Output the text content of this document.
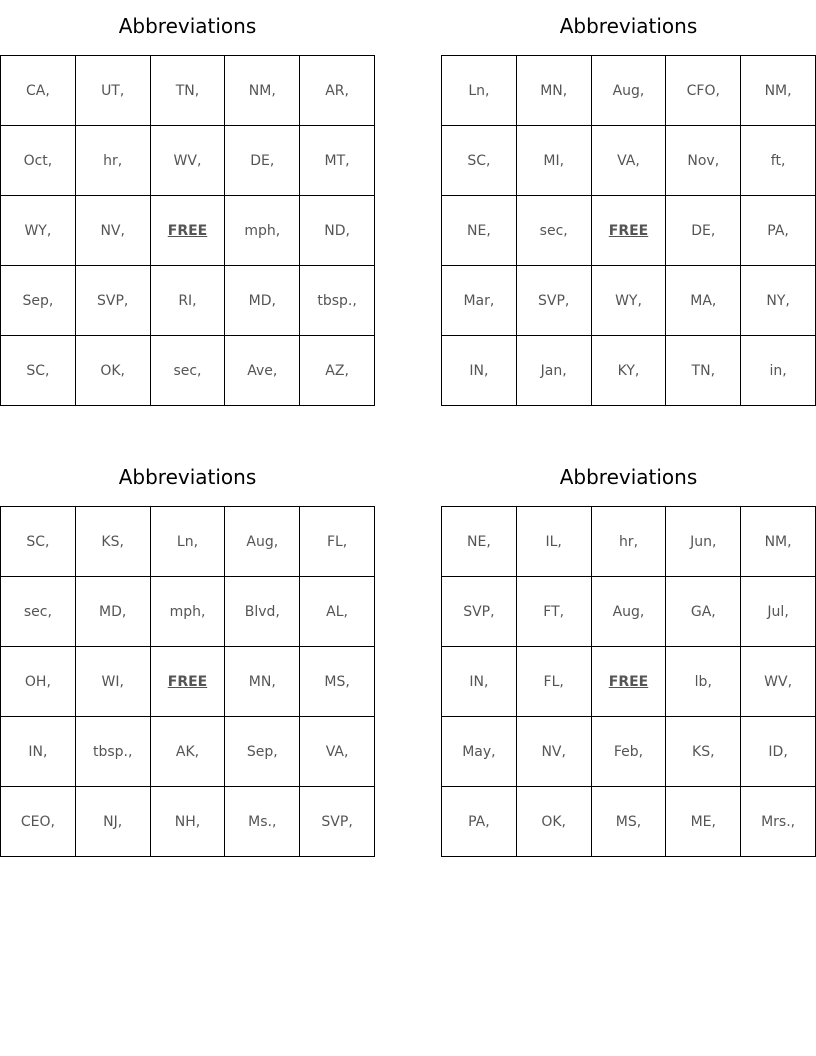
Abbreviations
CA,	UT,	TN,	NM,	AR,
Oct,	hr,	WV,	DE,	MT,
WY,	NV,	FREE	mph,	ND,
Sep,	SVP,	RI,	MD,	tbsp.,
SC,	OK,	sec,	Ave,	AZ,
Abbreviations
Ln,	MN,	Aug,	CFO,	NM,
SC,	MI,	VA,	Nov,	ft,
NE,	sec,	FREE	DE,	PA,
Mar,	SVP,	WY,	MA,	NY,
IN,	Jan,	KY,	TN,	in,
Abbreviations
SC,	KS,	Ln,	Aug,	FL,
sec,	MD,	mph,	Blvd,	AL,
OH,	WI,	FREE	MN,	MS,
IN,	tbsp.,	AK,	Sep,	VA,
CEO,	NJ,	NH,	Ms.,	SVP,
Abbreviations
NE,	IL,	hr,	Jun,	NM,
SVP,	FT,	Aug,	GA,	Jul,
IN,	FL,	FREE	lb,	WV,
May,	NV,	Feb,	KS,	ID,
PA,	OK,	MS,	ME,	Mrs.,
